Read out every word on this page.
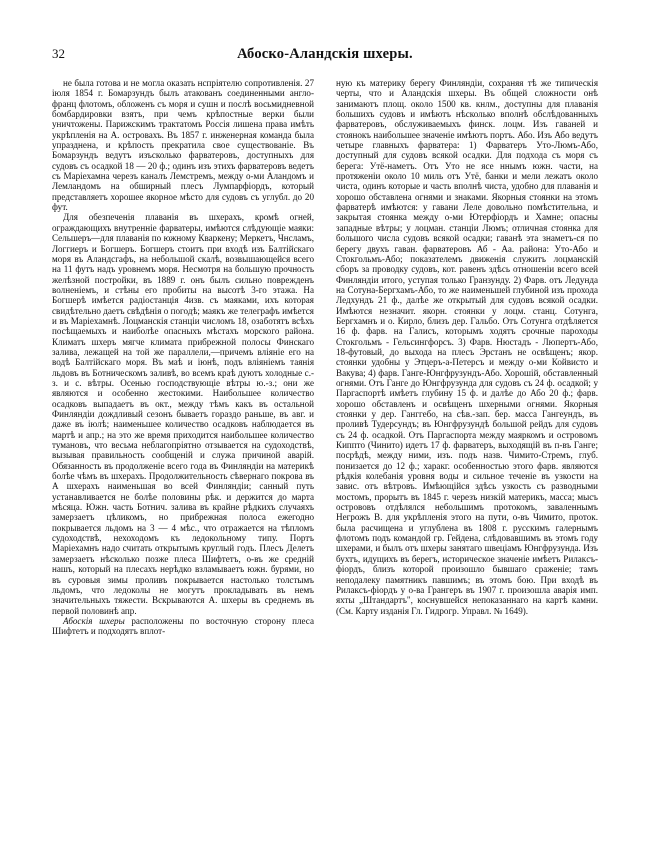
32	Абоско-Аландскія шхеры.

не была готова и не могла оказать нспрiятелю сопротивленiя. 27 iюля 1854 г. Бомарзундъ былъ атакованъ соединенными англо-франц флотомъ, обложенъ съ моря и сушн и послѣ восьмидневной бомбардировки взятъ, при чемъ крѣпостные верки были уничтожены. Парижскимъ трактатомъ Россiя лишена права имѣть укрѣпленiя на А. островахъ. Въ 1857 г. инженерная команда была упразднена, и крѣпость прекратила свое существованiе. Въ Бомарзундъ ведутъ изъсколько фарватеровъ, доступныхъ для судовъ съ осадкой 18 — 20 ф.; одинъ изъ этихъ фарватеровъ ведетъ съ Марiехамна черезъ каналъ Лемстремъ, между о-ми Аландомъ и Лемландомъ на обширный плесъ Лумпарфiордъ, который представляетъ хорошее якорное мѣсто для судовъ съ углубл. до 20 фут.

Для обезпеченiя плаванiя въ шхерахъ, кромѣ огней, ограждающихъ внутреннiе фарватеры, имѣются слѣдующiе маяки: Сельшеръ—для плаванiя по южному Кваркену; Меркетъ, Чнсламъ, Логгиеръ и Богшеръ. Богшеръ стоитъ при входѣ изъ Балтiйскаго моря въ Аландсгафъ, на небольшой скалѣ, возвышающейся всего на 11 футъ надъ уровнемъ моря. Несмотря на большую прочность желѣзной постройки, въ 1889 г. онъ былъ сильно поврежденъ волненiемъ, и стѣны его пробиты на высотѣ 3-го этажа. На Богшерѣ имѣется радiостанцiя 4изв. съ маяками, ихъ которая свидѣтельно даетъ свѣдѣнiя о погодѣ; маякъ же телеграфъ имѣется и въ Марiехамнѣ. Лоцманскiя станцiи числомъ 18, озаботятъ всѣхъ посѣщаемыхъ и наиболѣе опасныхъ мѣстахъ морского района. Климатъ шхеръ мягче климата прибрежной полосы Финскаго залива, лежащей на той же параллели,—причемъ влiянiе его на водѣ Балтiйскаго моря. Въ маѣ и iюнѣ, подъ влiянiемъ таянiя льдовъ въ Ботническомъ заливѣ, во всемъ краѣ дуютъ холодные с.-з. и с. вѣтры. Осенью господствующiе вѣтры ю.-з.; они же являются и особенно жестокими. Наибольшее количество осадковъ выпадаетъ въ окт., между тѣмъ какъ въ остальной Финляндiи дождливый сезонъ бываетъ гораздо раньше, въ авг. и даже въ iюлѣ; наименьшее количество осадковъ наблюдается въ мартѣ и апр.; на это же время приходится наибольшее количество тумановъ, что весьма неблагопрiятно отзывается на судоходствѣ, вызывая правильность сообщенiй и служа причиной аварiй. Обязанность въ продолженiе всего года въ Финляндiи на материкѣ болѣе чѣмъ въ шхерахъ. Продолжительность сѣвернаго покрова въ А шхерахъ наименьшая во всей Финляндiи; санный путь устанавливается не болѣе половины рѣк. и держится до марта мѣсяца. Южн. часть Ботнич. залива въ крайне рѣдкихъ случаяхъ замерзаетъ цѣликомъ, но прибрежная полоса ежегодно покрывается льдомъ на 3 — 4 мѣс., что отражается на тѣпломъ судоходствѣ, нехоходомъ къ ледокольному типу. Портъ Марiехамнъ надо считать открытымъ круглый годъ. Плесъ Делетъ замерзаетъ нѣсколько позже плеса Шифтетъ, о-въ же среднiй нашъ, который на плесахъ нерѣдко взламываетъ южн. бурями, но въ суровыя зимы проливъ покрывается настолько толстымъ льдомъ, что ледоколы не могутъ прокладывать въ немъ значительныхъ тяжести. Вскрываются А. шхеры въ среднемъ въ первой половинѣ апр.

Абоскiя шхеры расположены по восточную сторону плеса Шифтетъ и подходятъ вплот-

ную къ материку берегу Финляндiи, сохраняя тѣ же типическiя черты, что и Аландскiя шхеры. Въ общей сложности онѣ занимаютъ площ. около 1500 кв. кнлм., доступны для плаванiя большихъ судовъ и имѣютъ нѣсколько вполнѣ обслѣдованныхъ фарватеровъ, обслуживаемыхъ финск. лоцм. Изъ гаваней и стоянокъ наибольшее значенiе имѣютъ портъ. Або. Изъ Або ведутъ четыре главныхъ фарватера: 1) Фарватеръ Уто-Люмъ-Або, доступный для судовъ всякой осадки. Для подхода съ моря съ берега: Утё-наметъ. Отъ Уто не ясе ннымъ южн. части, на протяженiи около 10 миль отъ Утё, банки и мели лежатъ около чиста, одинъ которые и часть вполнѣ чиста, удобно для плаванiя и хорошо обставлена огнями и знаками. Якорныя стоянки на этомъ фарватерѣ имѣются: у гавани Леле довольно помѣстительна, и закрытая стоянка между о-ми Ютерфiордъ и Хамне; опасны западные вѣтры; у лоцман. станцiи Люмъ; отличная стоянка для большого числа судовъ всякой осадки; гаванѣ эта знаметъ-ся по берегу двухъ гаван. фарватеровъ Аб - Аа. района: Уто-Або и Стокгольмъ-Або; показателемъ движенiя служитъ лоцманскiй сборъ за проводку судовъ, кот. равенъ здѣсь отношенiи всего всей Финляндiи итого, уступая только Гранзунду. 2) Фарв. отъ Ледунда на Сотуна-Бергхамъ-Або, то же наименьшей глубиной изъ прохода Ледхундъ 21 ф., далѣе же открытый для судовъ всякой осадки. Имѣются незначит. якорн. стоянки у лоцм. станц. Сотунга, Бергхамнъ и о. Кирло, близъ дер. Гальбо. Отъ Сотунга отдѣляется 16 ф. фарв. на Галисъ, которымъ ходятъ срочные пароходы Стокгольмъ - Гельсингфорсъ. 3) Фарв. Нюстадъ - Люпертъ-Або, 18-футовый, до выхода на плесъ Эрстанъ не освѣщенъ; якор. стоянки удобны у Этцеръ-а-Петерсъ и между о-ми Койвисто и Вакува; 4) фарв. Ганге-Юнгфрузундъ-Або. Хорошiй, обставленный огнями. Отъ Ганге до Юнгфрузунда для судовъ съ 24 ф. осадкой; у Паргаспортѣ имѣетъ глубину 15 ф. и далѣе до Або 20 ф.; фарв. хорошо обставленъ и освѣщенъ шхерными огнями. Якорныя стоянки у дер. Ганггебо, на сѣв.-зап. бер. масса Гангеундъ, въ проливѣ Тудерсундъ; въ Юнгфрузундѣ большой рейдъ для судовъ съ 24 ф. осадкой. Отъ Паргаспорта между маяркомъ и островомъ Киппто (Чинито) идетъ 17 ф. фарватеръ, выходящiй въ п-въ Ганге; посрѣдѣ, между ними, изъ. подъ назв. Чимито-Стремъ, глуб. понизается до 12 ф.; харакг. особенностью этого фарв. являются рѣдкiя колебанiя уровня воды и сильное теченiе въ узкости на завис. отъ вѣтровъ. Имѣющiйся здѣсь узкость съ разводными мостомъ, прорытъ въ 1845 г. черезъ низкiй материкъ, масса; мысъ острововъ отдѣлялся небольшимъ протокомъ, заваленнымъ Негрожъ В. для укрѣпленiя этого на пути, о-въ Чимито, проток. была расчищена и углублена въ 1808 г. русскимъ галернымъ флотомъ подъ командой гр. Гейдена, слѣдовавшимъ въ этомъ году шхерами, и былъ отъ шхеры занятаго швецiамъ Юнгфрузунда. Изъ бухтъ, идущихъ въ берегъ, историческое значенiе имѣетъ Рилакcъ-фiордъ, близъ которой произошло бывшаго сраженiе; тамъ неподалеку памятникъ павшимъ; въ этомъ бою. При входѣ въ Рилакcъ-фiордъ у о-ва Грангеръ въ 1907 г. произошла аварiя имп. яхты „Штандартъ", коснувшейся непоказаннаго на картѣ камни. (См. Карту изданiя Гл. Гидрогр. Управл. № 1649).
